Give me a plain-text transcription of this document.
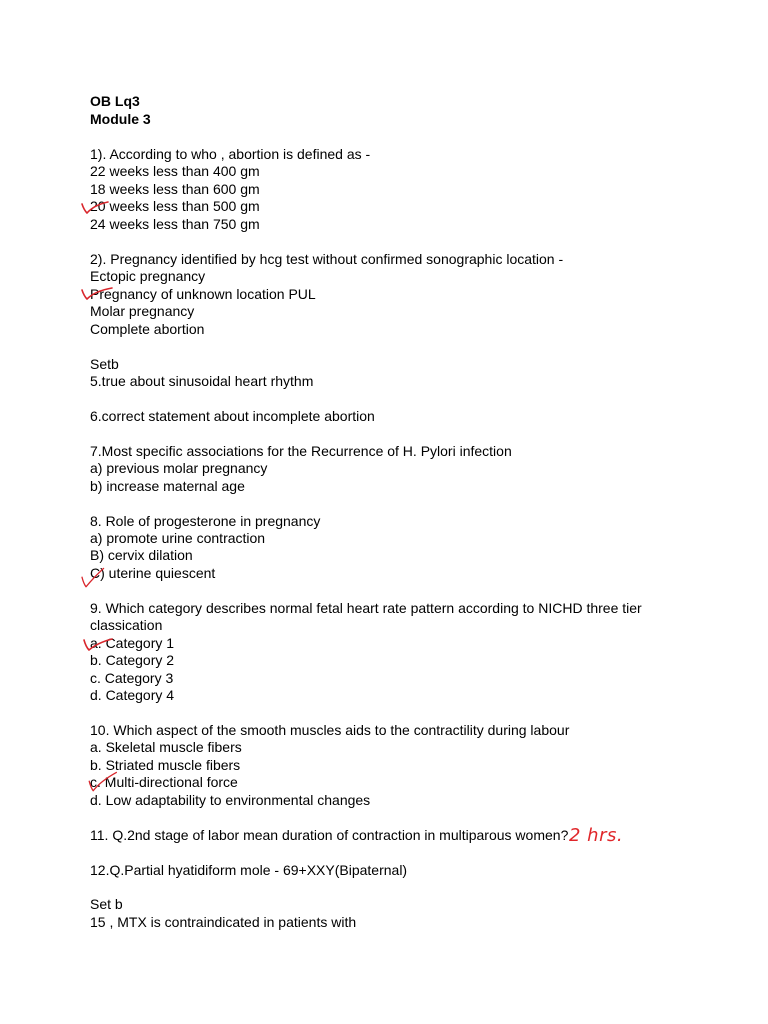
OB Lq3
Module 3
1). According to who , abortion is defined as -
22 weeks less than 400 gm
18 weeks less than 600 gm
20 weeks less than 500 gm
24 weeks less than 750 gm
2). Pregnancy identified by hcg test without confirmed sonographic location -
Ectopic pregnancy
Pregnancy of unknown location PUL
Molar pregnancy
Complete abortion
Setb
5.true about sinusoidal heart rhythm
6.correct statement about incomplete abortion
7.Most specific associations for the Recurrence of H. Pylori infection
a) previous molar pregnancy
b) increase maternal age
8. Role of progesterone in pregnancy
a) promote urine contraction
B) cervix dilation
C) uterine quiescent
9. Which category describes normal fetal heart rate pattern according to NICHD three tier
classication
a. Category 1
b. Category 2
c. Category 3
d. Category 4
10. Which aspect of the smooth muscles aids to the contractility during labour
a. Skeletal muscle fibers
b. Striated muscle fibers
c. Multi-directional force
d. Low adaptability to environmental changes
11. Q.2nd stage of labor mean duration of contraction in multiparous women? 2 hrs.
12.Q.Partial hyatidiform mole - 69+XXY(Bipaternal)
Set b
15 , MTX is contraindicated in patients with
